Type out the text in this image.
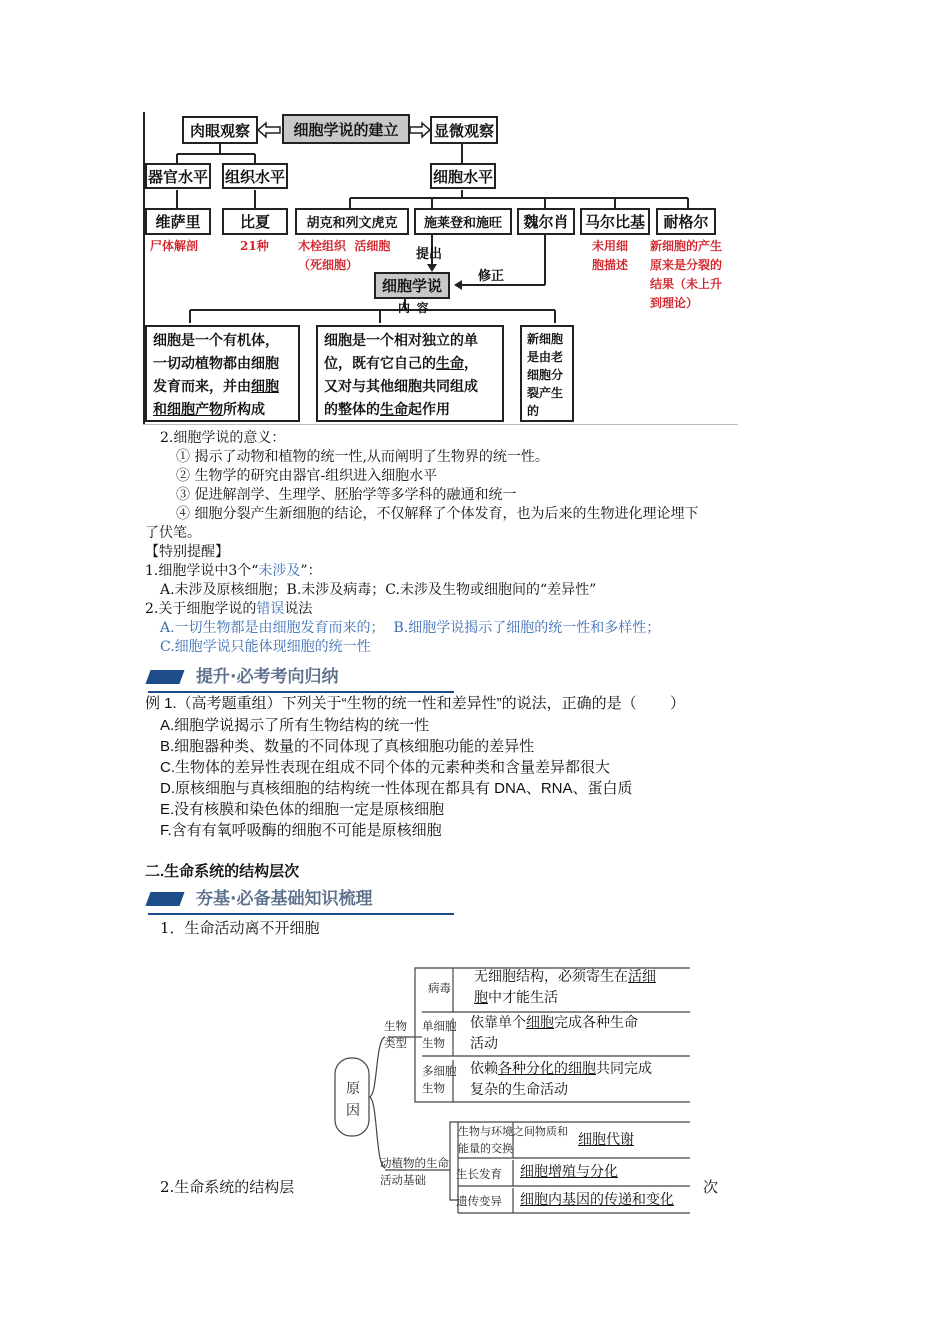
肉眼观察	细胞学说的建立 显微观察
器官水平 组织水平	细胞水平
维萨里	比夏	胡克和列文虎克 施莱登和施旺 魏尔肖 马尔比基 耐格尔
尸体解剖	21种 木栓组织  活细胞
（死细胞）
未用细
胞描述
新细胞的产生
原来是分裂的
结果（未上升
到理论）
提出
修正
细胞学说
内  容
细胞是一个有机体，
一切动植物都由细胞
发育而来，并由细胞
和细胞产物所构成
细胞是一个相对独立的单
位，既有它自己的生命，
又对与其他细胞共同组成
的整体的生命起作用
新细胞
是由老
细胞分
裂产生
的
2.细胞学说的意义：
① 揭示了动物和植物的统一性,从而阐明了生物界的统一性。
② 生物学的研究由器官-组织进入细胞水平
③ 促进解剖学、生理学、胚胎学等多学科的融通和统一
④ 细胞分裂产生新细胞的结论，不仅解释了个体发育，也为后来的生物进化理论埋下
了伏笔。
【特别提醒】
1.细胞学说中3个“未涉及”：
A.未涉及原核细胞；B.未涉及病毒；C.未涉及生物或细胞间的“差异性”
2.关于细胞学说的错误说法
A.一切生物都是由细胞发育而来的；  B.细胞学说揭示了细胞的统一性和多样性；
C.细胞学说只能体现细胞的统一性
提升·必考考向归纳
例 1.（高考题重组）下列关于“生物的统一性和差异性”的说法，正确的是（        ）
A.细胞学说揭示了所有生物结构的统一性
B.细胞器种类、数量的不同体现了真核细胞功能的差异性
C.生物体的差异性表现在组成不同个体的元素种类和含量差异都很大
D.原核细胞与真核细胞的结构统一性体现在都具有 DNA、RNA、蛋白质
E.没有核膜和染色体的细胞一定是原核细胞
F.含有有氧呼吸酶的细胞不可能是原核细胞
二.生命系统的结构层次
夯基·必备基础知识梳理
1．生命活动离不开细胞
原因
生物类型
动植物的生命活动基础
病毒
无细胞结构，必须寄生在活细
胞中才能生活
单细胞生物
依靠单个细胞完成各种生命
活动
多细胞生物
依赖各种分化的细胞共同完成
复杂的生命活动
生物与环境之间物质和能量的交换
细胞代谢
生长发育 细胞增殖与分化
遗传变异 细胞内基因的传递和变化
2.生命系统的结构层	次
